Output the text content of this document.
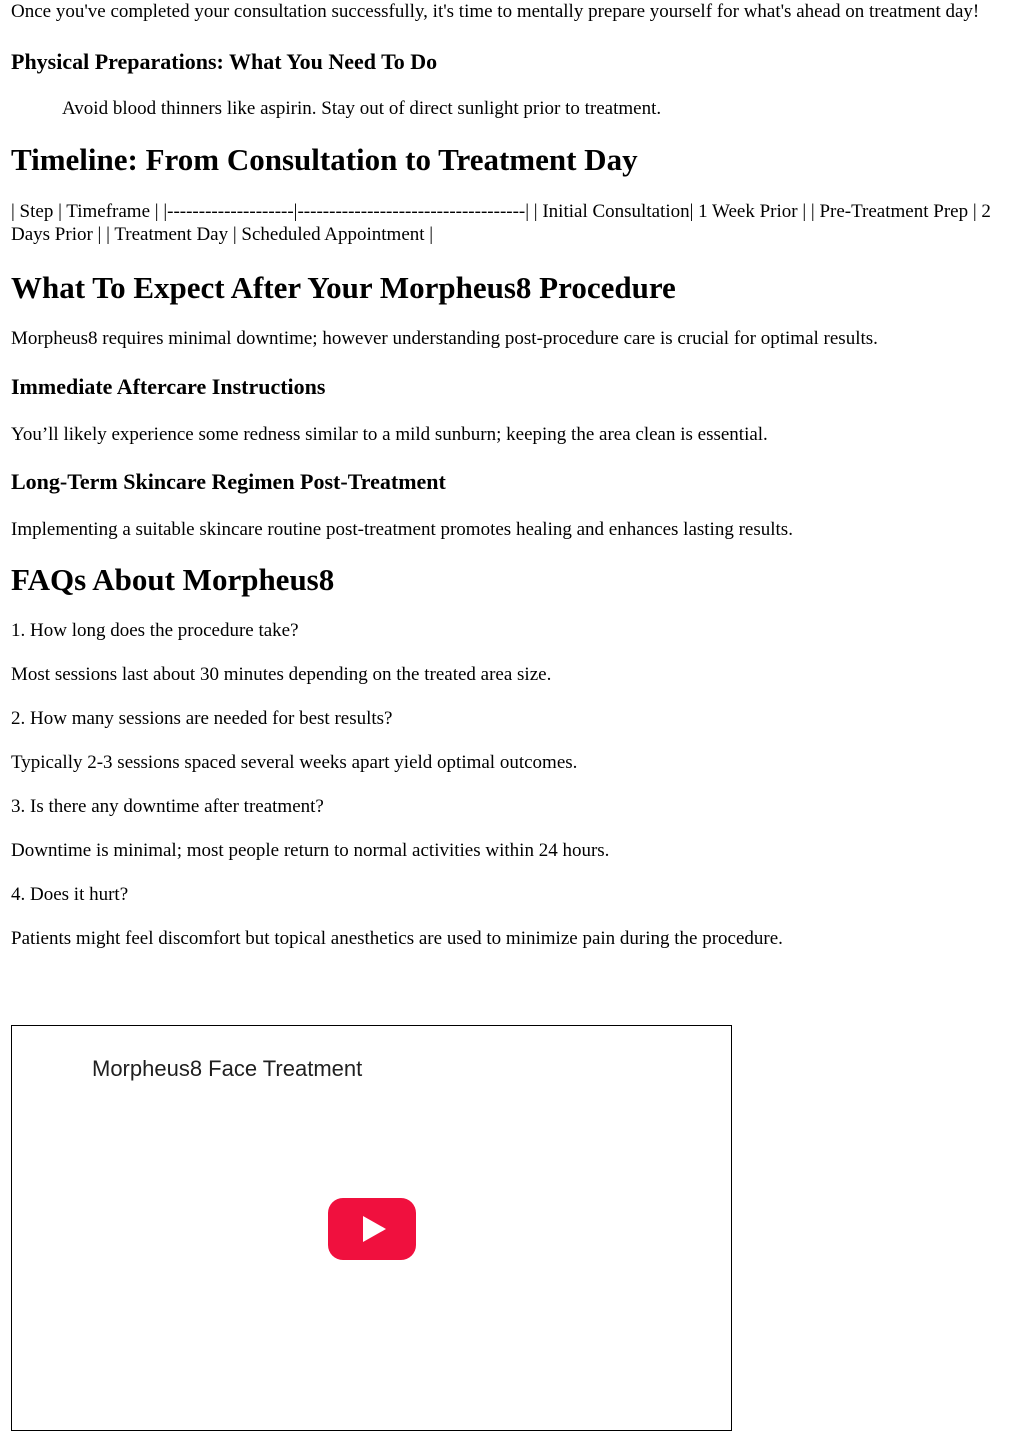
Once you've completed your consultation successfully, it's time to mentally prepare yourself for what's ahead on treatment day!

Physical Preparations: What You Need To Do

Avoid blood thinners like aspirin. Stay out of direct sunlight prior to treatment.

Timeline: From Consultation to Treatment Day

| Step | Timeframe | |--------------------|------------------------------------| | Initial Consultation| 1 Week Prior | | Pre-Treatment Prep | 2 Days Prior | | Treatment Day | Scheduled Appointment |

What To Expect After Your Morpheus8 Procedure

Morpheus8 requires minimal downtime; however understanding post-procedure care is crucial for optimal results.

Immediate Aftercare Instructions

You’ll likely experience some redness similar to a mild sunburn; keeping the area clean is essential.

Long-Term Skincare Regimen Post-Treatment

Implementing a suitable skincare routine post-treatment promotes healing and enhances lasting results.

FAQs About Morpheus8

1. How long does the procedure take?

Most sessions last about 30 minutes depending on the treated area size.

2. How many sessions are needed for best results?

Typically 2-3 sessions spaced several weeks apart yield optimal outcomes.

3. Is there any downtime after treatment?

Downtime is minimal; most people return to normal activities within 24 hours.

4. Does it hurt?

Patients might feel discomfort but topical anesthetics are used to minimize pain during the procedure.

Morpheus8 Face Treatment
